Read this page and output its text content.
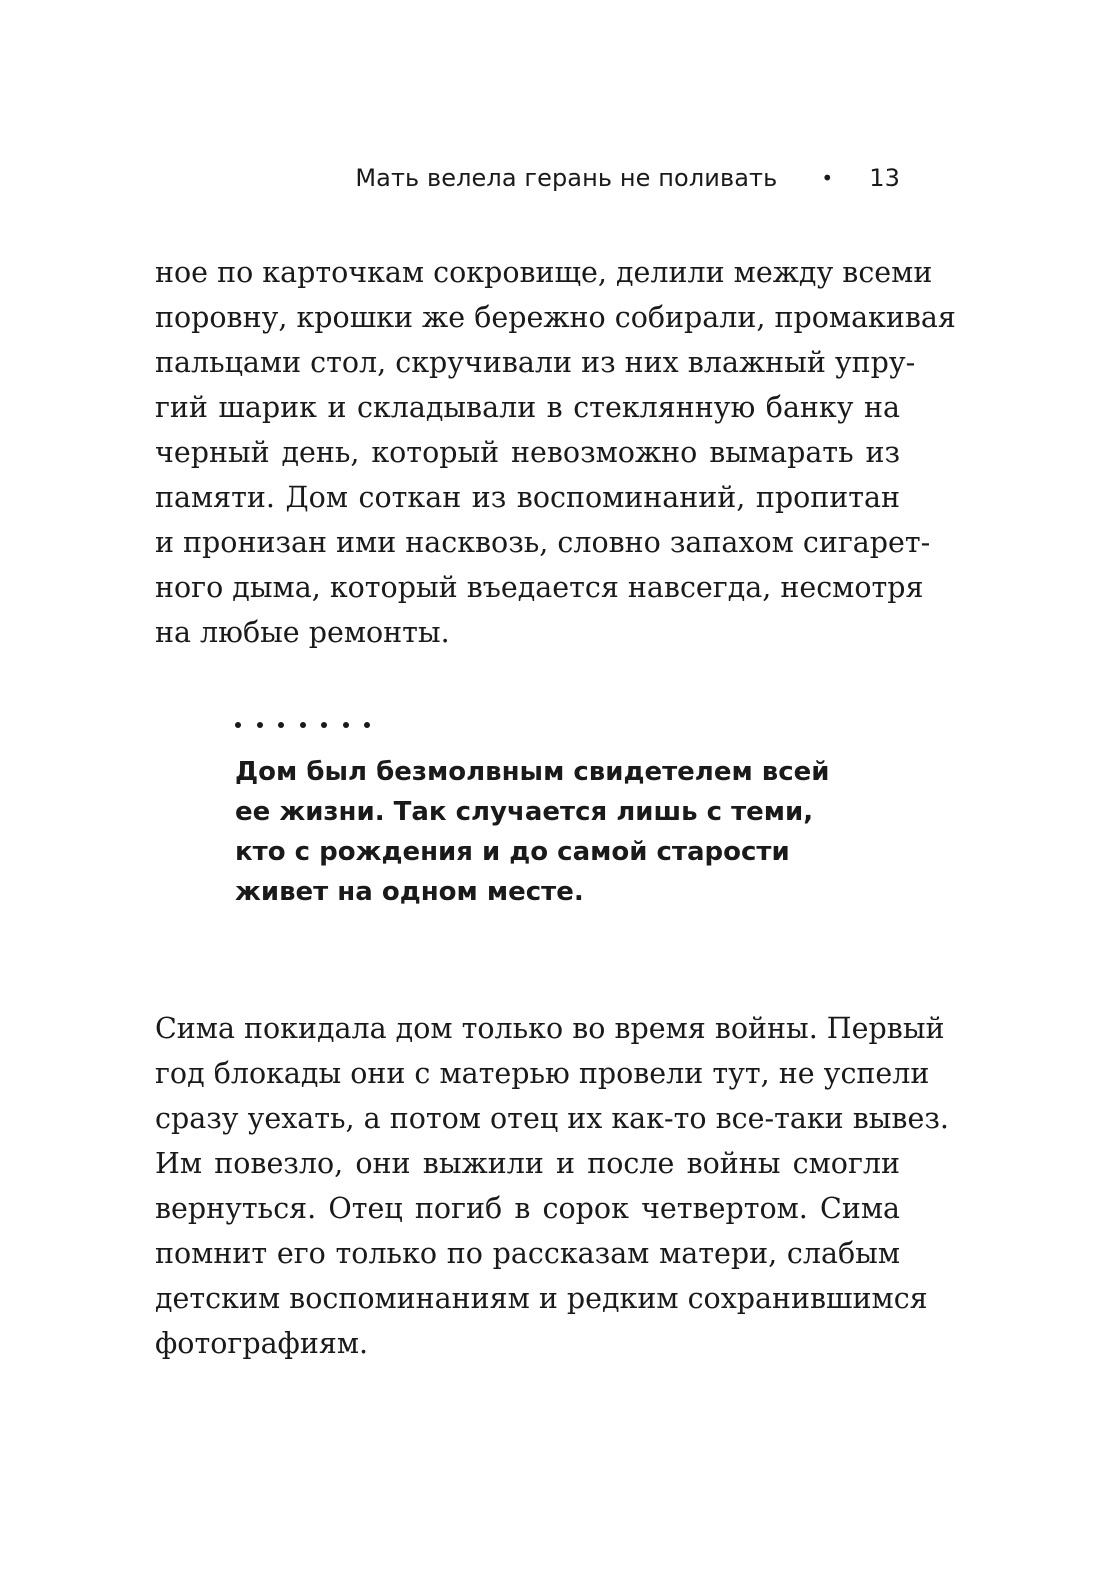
Мать велела герань не поливать • 13
ное по карточкам сокровище, делили между всеми
поровну, крошки же бережно собирали, промакивая
пальцами стол, скручивали из них влажный упру-
гий шарик и складывали в стеклянную банку на
черный день, который невозможно вымарать из
памяти. Дом соткан из воспоминаний, пропитан
и пронизан ими насквозь, словно запахом сигарет-
ного дыма, который въедается навсегда, несмотря
на любые ремонты.
Дом был безмолвным свидетелем всей
ее жизни. Так случается лишь с теми,
кто с рождения и до самой старости
живет на одном месте.
Сима покидала дом только во время войны. Первый
год блокады они с матерью провели тут, не успели
сразу уехать, а потом отец их как-то все-таки вывез.
Им повезло, они выжили и после войны смогли
вернуться. Отец погиб в сорок четвертом. Сима
помнит его только по рассказам матери, слабым
детским воспоминаниям и редким сохранившимся
фотографиям.
